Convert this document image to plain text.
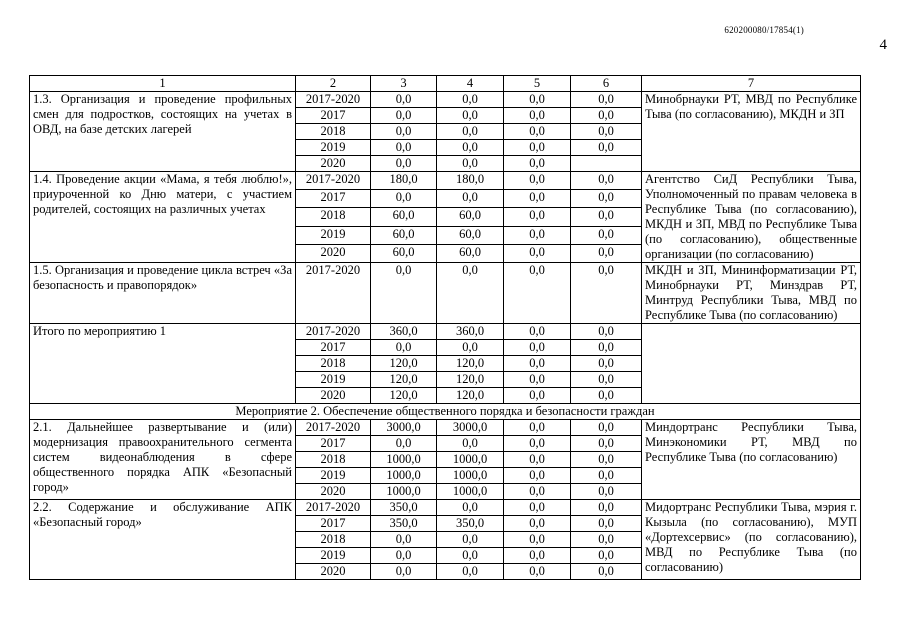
620200080/17854(1)
4
1	2	3	4	5	6	7
1.3. Организация и проведение профильных смен для подростков, состоящих на учетах в ОВД, на базе детских лагерей	2017-2020	0,0	0,0	0,0	0,0	Минобрнауки РТ, МВД по Республике Тыва (по согласованию), МКДН и ЗП
	2017	0,0	0,0	0,0	0,0	
	2018	0,0	0,0	0,0	0,0	
	2019	0,0	0,0	0,0	0,0	
	2020	0,0	0,0	0,0		
1.4. Проведение акции «Мама, я тебя люблю!», приуроченной ко Дню матери, с участием родителей, состоящих на различных учетах	2017-2020	180,0	180,0	0,0	0,0	Агентство СиД Республики Тыва, Уполномоченный по правам человека в Республике Тыва (по согласованию), МКДН и ЗП, МВД по Республике Тыва (по согласованию), общественные организации (по согласованию)
	2017	0,0	0,0	0,0	0,0	
	2018	60,0	60,0	0,0	0,0	
	2019	60,0	60,0	0,0	0,0	
	2020	60,0	60,0	0,0	0,0	
1.5. Организация и проведение цикла встреч «За безопасность и правопорядок»	2017-2020	0,0	0,0	0,0	0,0	МКДН и ЗП, Мининформатизации РТ, Минобрнауки РТ, Минздрав РТ, Минтруд Республики Тыва, МВД по Республике Тыва (по согласованию)
Итого по мероприятию 1	2017-2020	360,0	360,0	0,0	0,0	
	2017	0,0	0,0	0,0	0,0	
	2018	120,0	120,0	0,0	0,0	
	2019	120,0	120,0	0,0	0,0	
	2020	120,0	120,0	0,0	0,0	
Мероприятие 2. Обеспечение общественного порядка и безопасности граждан						
2.1. Дальнейшее развертывание и (или) модернизация правоохранительного сегмента систем видеонаблюдения в сфере общественного порядка АПК «Безопасный город»	2017-2020	3000,0	3000,0	0,0	0,0	Миндортранс Республики Тыва, Минэкономики РТ, МВД по Республике Тыва (по согласованию)
	2017	0,0	0,0	0,0	0,0	
	2018	1000,0	1000,0	0,0	0,0	
	2019	1000,0	1000,0	0,0	0,0	
	2020	1000,0	1000,0	0,0	0,0	
2.2. Содержание и обслуживание АПК «Безопасный город»	2017-2020	350,0	0,0	0,0	0,0	Мидортранс Республики Тыва, мэрия г. Кызыла (по согласованию), МУП «Дортехсервис» (по согласованию), МВД по Республике Тыва (по согласованию)
	2017	350,0	350,0	0,0	0,0	
	2018	0,0	0,0	0,0	0,0	
	2019	0,0	0,0	0,0	0,0	
	2020	0,0	0,0	0,0	0,0	
